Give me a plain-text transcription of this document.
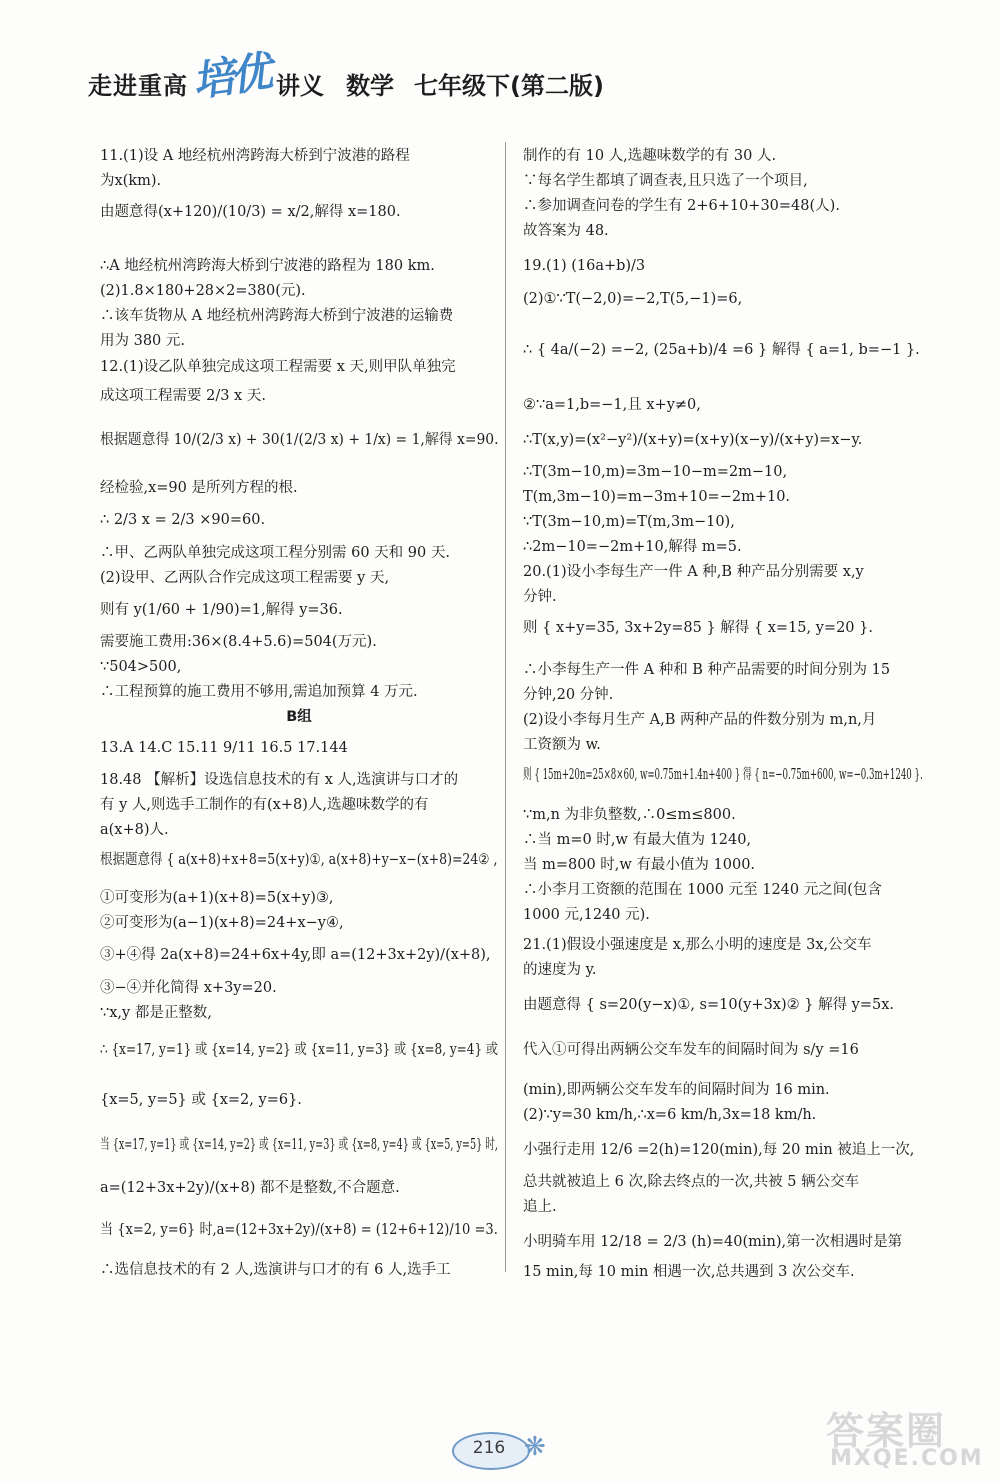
走进重高 培优 讲义 数学 七年级下(第二版)
11.(1)设 A 地经杭州湾跨海大桥到宁波港的路程
为x(km).
由题意得(x+120)/(10/3) = x/2,解得 x=180.
∴A 地经杭州湾跨海大桥到宁波港的路程为 180 km.
(2)1.8×180+28×2=380(元).
∴该车货物从 A 地经杭州湾跨海大桥到宁波港的运输费
用为 380 元.
12.(1)设乙队单独完成这项工程需要 x 天,则甲队单独完
成这项工程需要 2/3 x 天.
根据题意得 10/(2/3 x) + 30(1/(2/3 x) + 1/x) = 1,解得 x=90.
经检验,x=90 是所列方程的根.
∴ 2/3 x = 2/3 ×90=60.
∴甲、乙两队单独完成这项工程分别需 60 天和 90 天.
(2)设甲、乙两队合作完成这项工程需要 y 天,
则有 y(1/60 + 1/90)=1,解得 y=36.
需要施工费用:36×(8.4+5.6)=504(万元).
∵504>500,
∴工程预算的施工费用不够用,需追加预算 4 万元.
13.A 14.C 15.11 9/11 16.5 17.144
18.48 【解析】设选信息技术的有 x 人,选演讲与口才的
有 y 人,则选手工制作的有(x+8)人,选趣味数学的有
a(x+8)人.
根据题意得 { a(x+8)+x+8=5(x+y)①, a(x+8)+y−x−(x+8)=24② ,
①可变形为(a+1)(x+8)=5(x+y)③,
②可变形为(a−1)(x+8)=24+x−y④,
③+④得 2a(x+8)=24+6x+4y,即 a=(12+3x+2y)/(x+8),
③−④并化简得 x+3y=20.
∵x,y 都是正整数,
∴ {x=17, y=1} 或 {x=14, y=2} 或 {x=11, y=3} 或 {x=8, y=4} 或
{x=5, y=5} 或 {x=2, y=6}.
当 {x=17, y=1} 或 {x=14, y=2} 或 {x=11, y=3} 或 {x=8, y=4} 或 {x=5, y=5} 时,
a=(12+3x+2y)/(x+8) 都不是整数,不合题意.
当 {x=2, y=6} 时,a=(12+3x+2y)/(x+8) = (12+6+12)/10 =3.
∴选信息技术的有 2 人,选演讲与口才的有 6 人,选手工
B组
制作的有 10 人,选趣味数学的有 30 人.
∵每名学生都填了调查表,且只选了一个项目,
∴参加调查问卷的学生有 2+6+10+30=48(人).
故答案为 48.
19.(1) (16a+b)/3
(2)①∵T(−2,0)=−2,T(5,−1)=6,
∴ { 4a/(−2) =−2, (25a+b)/4 =6 } 解得 { a=1, b=−1 }.
②∵a=1,b=−1,且 x+y≠0,
∴T(x,y)=(x²−y²)/(x+y)=(x+y)(x−y)/(x+y)=x−y.
∴T(3m−10,m)=3m−10−m=2m−10,
T(m,3m−10)=m−3m+10=−2m+10.
∵T(3m−10,m)=T(m,3m−10),
∴2m−10=−2m+10,解得 m=5.
20.(1)设小李每生产一件 A 种,B 种产品分别需要 x,y
分钟.
则 { x+y=35, 3x+2y=85 } 解得 { x=15, y=20 }.
∴小李每生产一件 A 种和 B 种产品需要的时间分别为 15
分钟,20 分钟.
(2)设小李每月生产 A,B 两种产品的件数分别为 m,n,月
工资额为 w.
则 { 15m+20n=25×8×60, w=0.75m+1.4n+400 } 得 { n=−0.75m+600, w=−0.3m+1240 }.
∵m,n 为非负整数,∴0≤m≤800.
∴当 m=0 时,w 有最大值为 1240,
当 m=800 时,w 有最小值为 1000.
∴小李月工资额的范围在 1000 元至 1240 元之间(包含
1000 元,1240 元).
21.(1)假设小强速度是 x,那么小明的速度是 3x,公交车
的速度为 y.
由题意得 { s=20(y−x)①, s=10(y+3x)② } 解得 y=5x.
代入①可得出两辆公交车发车的间隔时间为 s/y =16
(min),即两辆公交车发车的间隔时间为 16 min.
(2)∵y=30 km/h,∴x=6 km/h,3x=18 km/h.
小强行走用 12/6 =2(h)=120(min),每 20 min 被追上一次,
总共就被追上 6 次,除去终点的一次,共被 5 辆公交车
追上.
小明骑车用 12/18 = 2/3 (h)=40(min),第一次相遇时是第
15 min,每 10 min 相遇一次,总共遇到 3 次公交车.
216 ❋	答案圈
MXQE.COM
